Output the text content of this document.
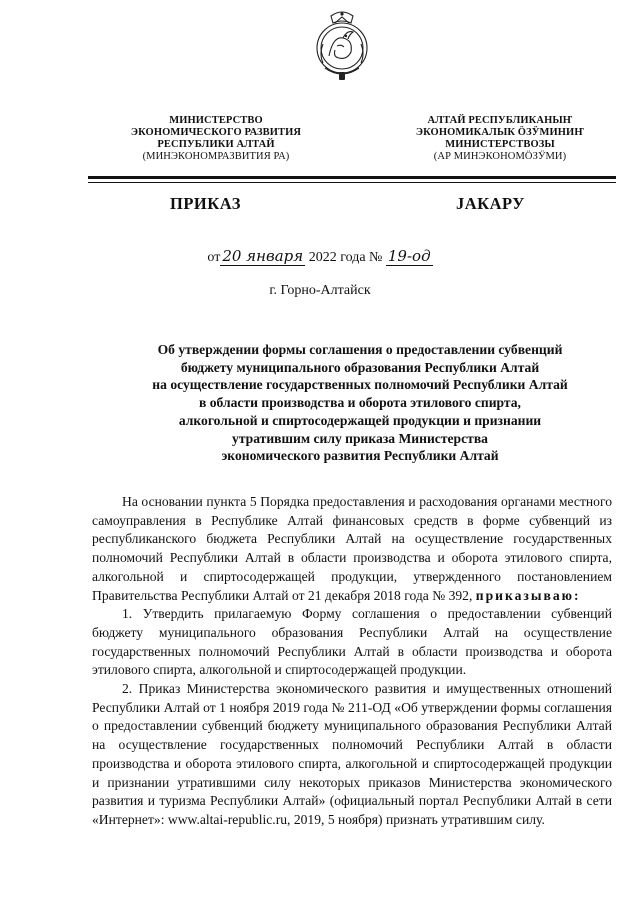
МИНИСТЕРСТВО
ЭКОНОМИЧЕСКОГО РАЗВИТИЯ
РЕСПУБЛИКИ АЛТАЙ
(МИНЭКОНОМРАЗВИТИЯ РА)
АЛТАЙ РЕСПУБЛИКАНЫҤ
ЭКОНОМИКАЛЫК ӦЗӰМИНИҤ
МИНИСТЕРСТВОЗЫ
(АР МИНЭКОНОМӦЗӰМИ)
ПРИКАЗ	ЈАКАРУ
от 20 января 2022 года № 19-од
г. Горно-Алтайск
Об утверждении формы соглашения о предоставлении субвенций
бюджету муниципального образования Республики Алтай
на осуществление государственных полномочий Республики Алтай
в области производства и оборота этилового спирта,
алкогольной и спиртосодержащей продукции и признании
утратившим силу приказа Министерства
экономического развития Республики Алтай

На основании пункта 5 Порядка предоставления и расходования органами местного самоуправления в Республике Алтай финансовых средств в форме субвенций из республиканского бюджета Республики Алтай на осуществление государственных полномочий Республики Алтай в области производства и оборота этилового спирта, алкогольной и спиртосодержащей продукции, утвержденного постановлением Правительства Республики Алтай от 21 декабря 2018 года № 392, приказываю:

1. Утвердить прилагаемую Форму соглашения о предоставлении субвенций бюджету муниципального образования Республики Алтай на осуществление государственных полномочий Республики Алтай в области производства и оборота этилового спирта, алкогольной и спиртосодержащей продукции.

2. Приказ Министерства экономического развития и имущественных отношений Республики Алтай от 1 ноября 2019 года № 211-ОД «Об утверждении формы соглашения о предоставлении субвенций бюджету муниципального образования Республики Алтай на осуществление государственных полномочий Республики Алтай в области производства и оборота этилового спирта, алкогольной и спиртосодержащей продукции и признании утратившими силу некоторых приказов Министерства экономического развития и туризма Республики Алтай» (официальный портал Республики Алтай в сети «Интернет»: www.altai-republic.ru, 2019, 5 ноября) признать утратившим силу.
